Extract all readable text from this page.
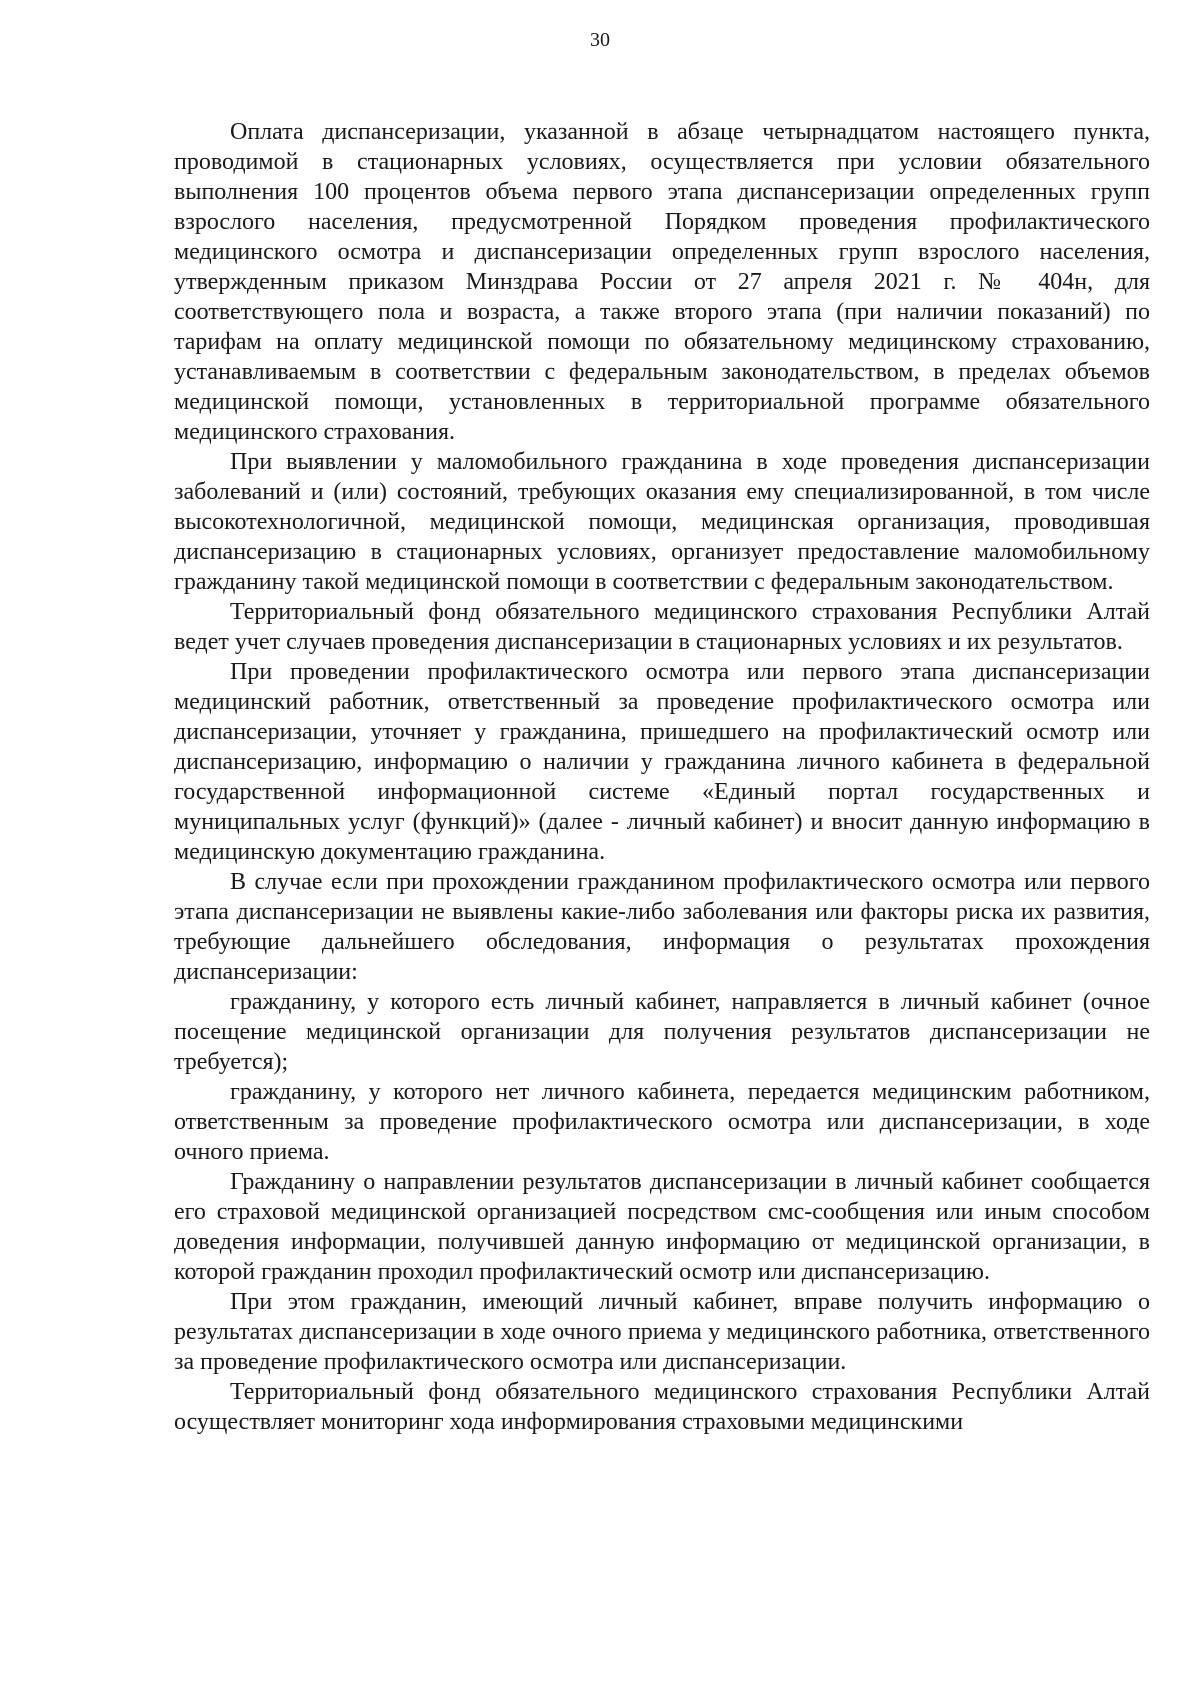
30

Оплата диспансеризации, указанной в абзаце четырнадцатом настоящего пункта, проводимой в стационарных условиях, осуществляется при условии обязательного выполнения 100 процентов объема первого этапа диспансеризации определенных групп взрослого населения, предусмотренной Порядком проведения профилактического медицинского осмотра и диспансеризации определенных групп взрослого населения, утвержденным приказом Минздрава России от 27 апреля 2021 г. № 404н, для соответствующего пола и возраста, а также второго этапа (при наличии показаний) по тарифам на оплату медицинской помощи по обязательному медицинскому страхованию, устанавливаемым в соответствии с федеральным законодательством, в пределах объемов медицинской помощи, установленных в территориальной программе обязательного медицинского страхования.

При выявлении у маломобильного гражданина в ходе проведения диспансеризации заболеваний и (или) состояний, требующих оказания ему специализированной, в том числе высокотехнологичной, медицинской помощи, медицинская организация, проводившая диспансеризацию в стационарных условиях, организует предоставление маломобильному гражданину такой медицинской помощи в соответствии с федеральным законодательством.

Территориальный фонд обязательного медицинского страхования Республики Алтай ведет учет случаев проведения диспансеризации в стационарных условиях и их результатов.

При проведении профилактического осмотра или первого этапа диспансеризации медицинский работник, ответственный за проведение профилактического осмотра или диспансеризации, уточняет у гражданина, пришедшего на профилактический осмотр или диспансеризацию, информацию о наличии у гражданина личного кабинета в федеральной государственной информационной системе «Единый портал государственных и муниципальных услуг (функций)» (далее - личный кабинет) и вносит данную информацию в медицинскую документацию гражданина.

В случае если при прохождении гражданином профилактического осмотра или первого этапа диспансеризации не выявлены какие-либо заболевания или факторы риска их развития, требующие дальнейшего обследования, информация о результатах прохождения диспансеризации:

гражданину, у которого есть личный кабинет, направляется в личный кабинет (очное посещение медицинской организации для получения результатов диспансеризации не требуется);

гражданину, у которого нет личного кабинета, передается медицинским работником, ответственным за проведение профилактического осмотра или диспансеризации, в ходе очного приема.

Гражданину о направлении результатов диспансеризации в личный кабинет сообщается его страховой медицинской организацией посредством смс-сообщения или иным способом доведения информации, получившей данную информацию от медицинской организации, в которой гражданин проходил профилактический осмотр или диспансеризацию.

При этом гражданин, имеющий личный кабинет, вправе получить информацию о результатах диспансеризации в ходе очного приема у медицинского работника, ответственного за проведение профилактического осмотра или диспансеризации.

Территориальный фонд обязательного медицинского страхования Республики Алтай осуществляет мониторинг хода информирования страховыми медицинскими
